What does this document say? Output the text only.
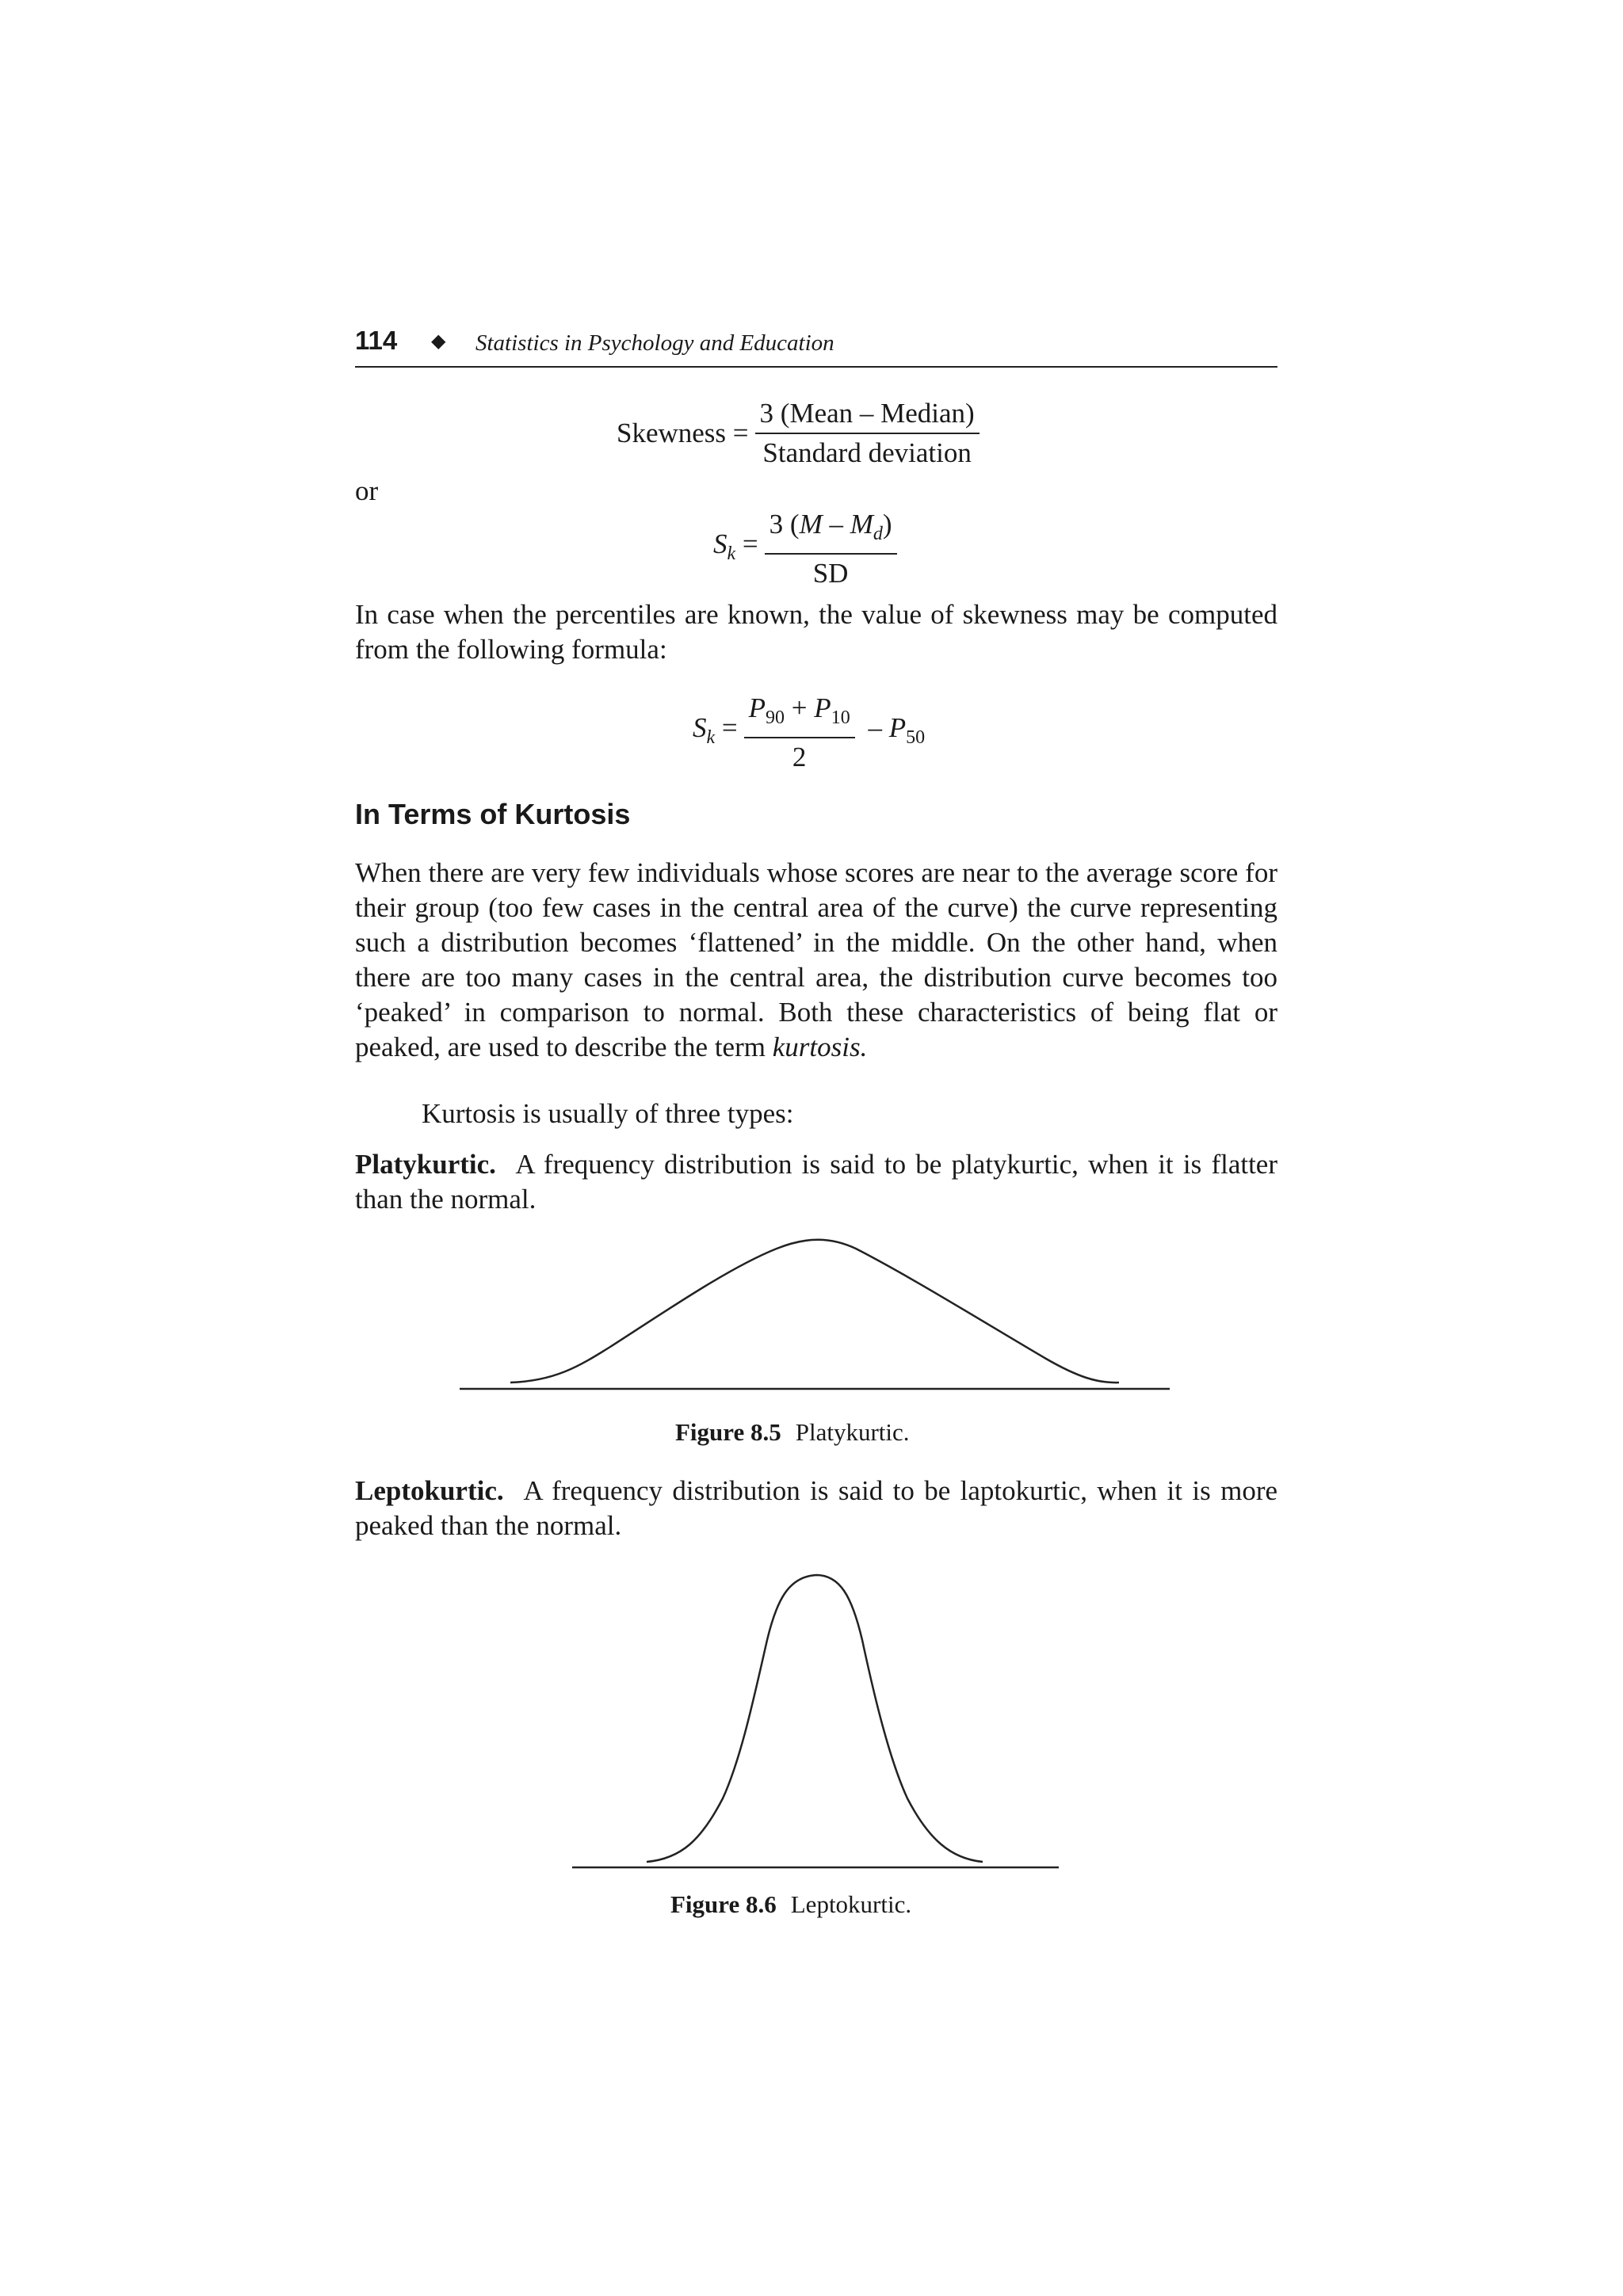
114 ◆ Statistics in Psychology and Education
Skewness = $\frac{\text{3 (Mean – Median)}}{\text{Standard deviation}}$
or
$S_k = \frac{3 (M - M_d)}{SD}$

In case when the percentiles are known, the value of skewness may be computed from the following formula:

$S_k = \frac{P_{90} + P_{10}}{2} - P_{50}$
In Terms of Kurtosis

When there are very few individuals whose scores are near to the average score for their group (too few cases in the central area of the curve) the curve representing such a distribution becomes ‘flattened’ in the middle. On the other hand, when there are too many cases in the central area, the distribution curve becomes too ‘peaked’ in comparison to normal. Both these characteristics of being flat or peaked, are used to describe the term kurtosis.

Kurtosis is usually of three types:

Platykurtic. A frequency distribution is said to be platykurtic, when it is flatter than the normal.

Figure 8.5 Platykurtic.

Leptokurtic. A frequency distribution is said to be laptokurtic, when it is more peaked than the normal.

Figure 8.6 Leptokurtic.
